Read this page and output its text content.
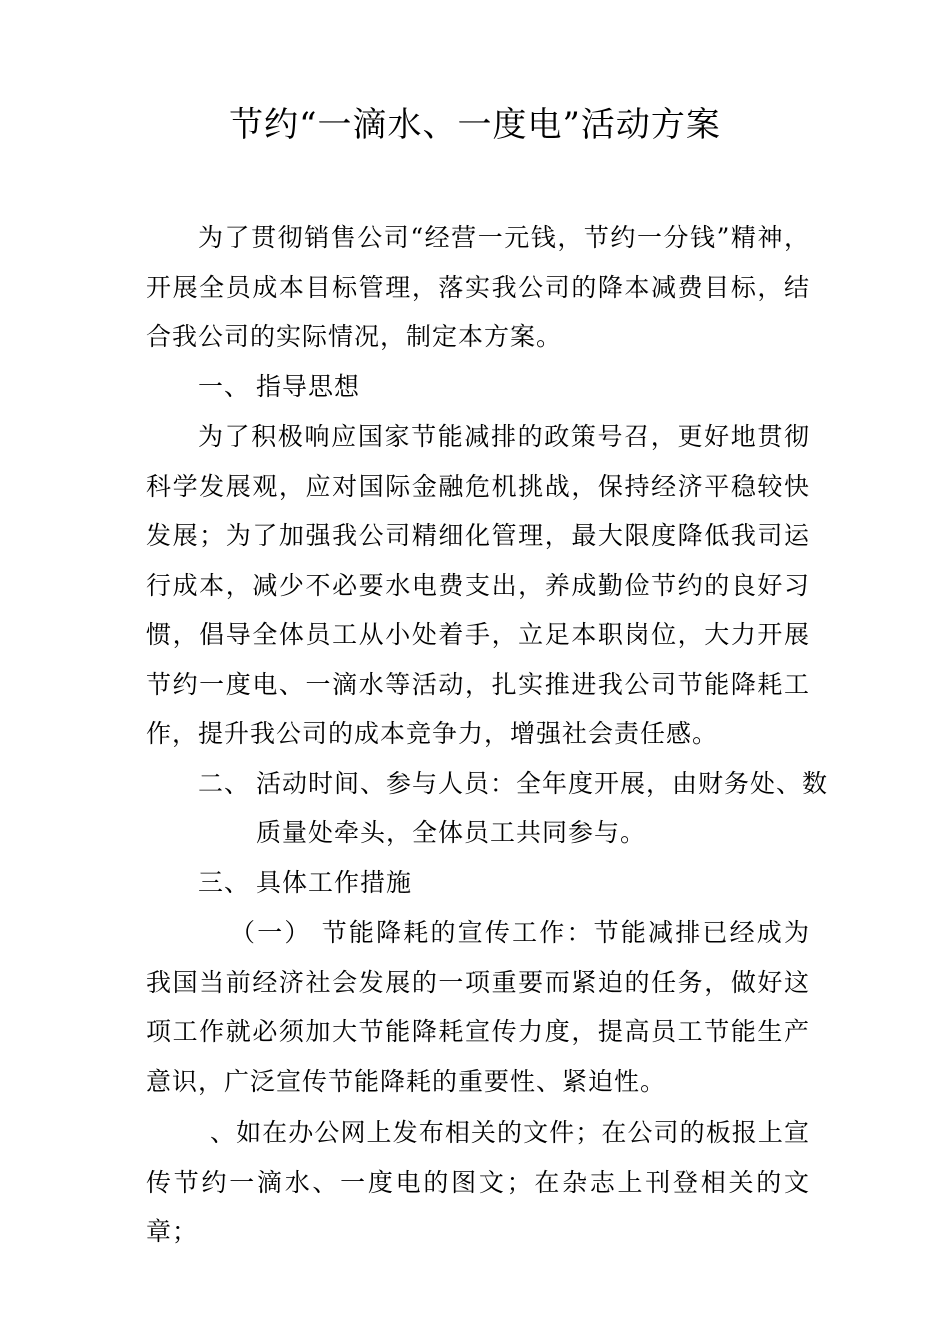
节约“一滴水、一度电”活动方案
为了贯彻销售公司“经营一元钱，节约一分钱”精神，开展全员成本目标管理，落实我公司的降本减费目标，结合我公司的实际情况，制定本方案。
一、 指导思想
为了积极响应国家节能减排的政策号召，更好地贯彻科学发展观，应对国际金融危机挑战，保持经济平稳较快发展；为了加强我公司精细化管理，最大限度降低我司运行成本，减少不必要水电费支出，养成勤俭节约的良好习惯，倡导全体员工从小处着手，立足本职岗位，大力开展节约一度电、一滴水等活动，扎实推进我公司节能降耗工作，提升我公司的成本竞争力，增强社会责任感。
二、 活动时间、参与人员：全年度开展，由财务处、数
质量处牵头，全体员工共同参与。
三、 具体工作措施
（一） 节能降耗的宣传工作：节能减排已经成为我国当前经济社会发展的一项重要而紧迫的任务，做好这项工作就必须加大节能降耗宣传力度，提高员工节能生产意识，广泛宣传节能降耗的重要性、紧迫性。
、如在办公网上发布相关的文件；在公司的板报上宣传节约一滴水、一度电的图文；在杂志上刊登相关的文章；
